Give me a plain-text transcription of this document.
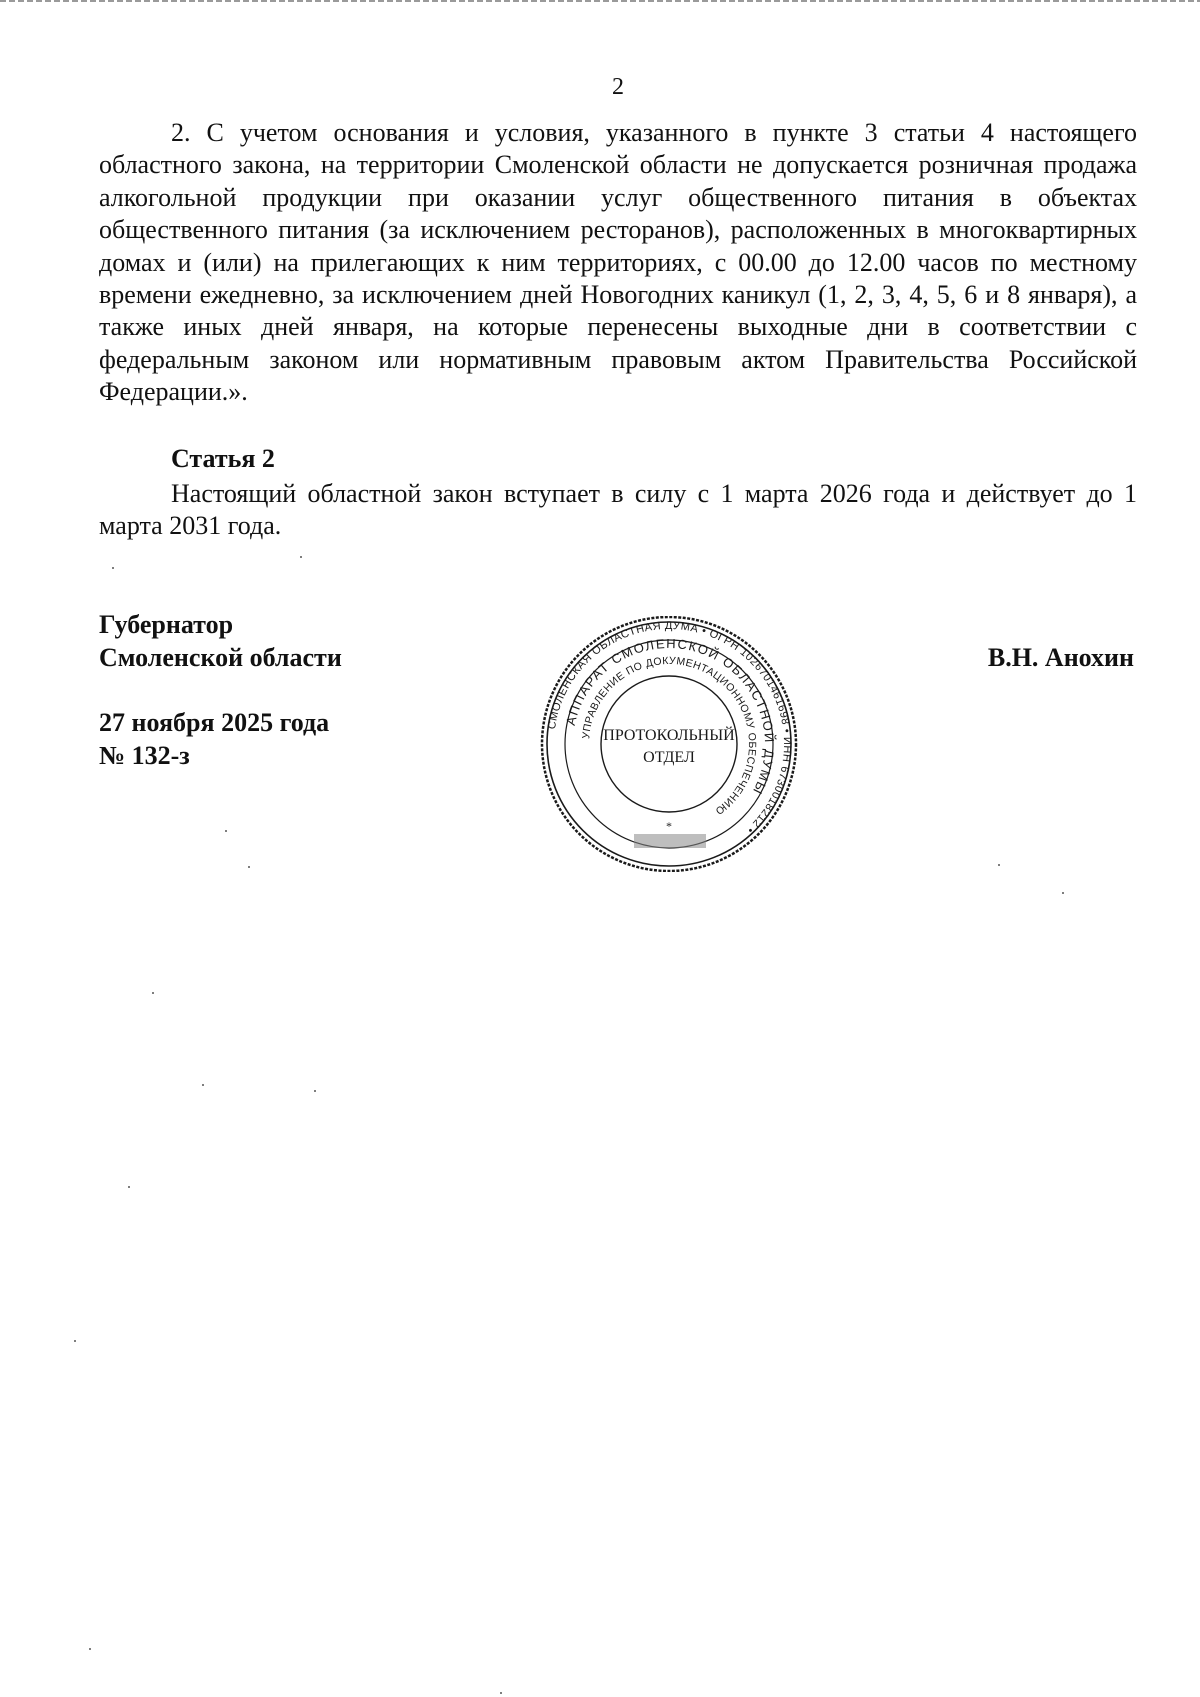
2

2. С учетом основания и условия, указанного в пункте 3 статьи 4 настоящего областного закона, на территории Смоленской области не допускается розничная продажа алкогольной продукции при оказании услуг общественного питания в объектах общественного питания (за исключением ресторанов), расположенных в многоквартирных домах и (или) на прилегающих к ним территориях, с 00.00 до 12.00 часов по местному времени ежедневно, за исключением дней Новогодних каникул (1, 2, 3, 4, 5, 6 и 8 января), а также иных дней января, на которые перенесены выходные дни в соответствии с федеральным законом или нормативным правовым актом Правительства Российской Федерации.».

Статья 2

Настоящий областной закон вступает в силу с 1 марта 2026 года и действует до 1 марта 2031 года.

Губернатор
Смоленской области	В.Н. Анохин
27 ноября 2025 года
№ 132-з
СМОЛЕНСКАЯ ОБЛАСТНАЯ ДУМА • ОГРН 1026701461698 • ИНН 6730018212 •
АППАРАТ СМОЛЕНСКОЙ ОБЛАСТНОЙ ДУМЫ
УПРАВЛЕНИЕ ПО ДОКУМЕНТАЦИОННОМУ ОБЕСПЕЧЕНИЮ
ПРОТОКОЛЬНЫЙ
ОТДЕЛ
*
